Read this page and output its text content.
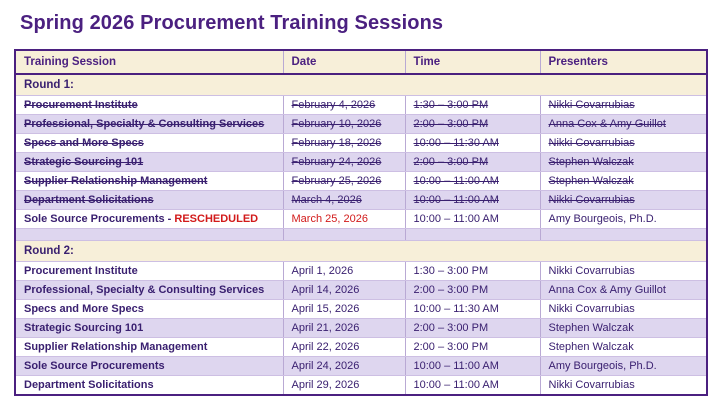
Spring 2026 Procurement Training Sessions
Training Session	Date	Time	Presenters
Round 1:			
Procurement Institute	February 4, 2026	1:30 – 3:00 PM	Nikki Covarrubias
Professional, Specialty & Consulting Services	February 10, 2026	2:00 – 3:00 PM	Anna Cox & Amy Guillot
Specs and More Specs	February 18, 2026	10:00 – 11:30 AM	Nikki Covarrubias
Strategic Sourcing 101	February 24, 2026	2:00 – 3:00 PM	Stephen Walczak
Supplier Relationship Management	February 25, 2026	10:00 – 11:00 AM	Stephen Walczak
Department Solicitations	March 4, 2026	10:00 – 11:00 AM	Nikki Covarrubias
Sole Source Procurements - RESCHEDULED	March 25, 2026	10:00 – 11:00 AM	Amy Bourgeois, Ph.D.

Round 2:			
Procurement Institute	April 1, 2026	1:30 – 3:00 PM	Nikki Covarrubias
Professional, Specialty & Consulting Services	April 14, 2026	2:00 – 3:00 PM	Anna Cox & Amy Guillot
Specs and More Specs	April 15, 2026	10:00 – 11:30 AM	Nikki Covarrubias
Strategic Sourcing 101	April 21, 2026	2:00 – 3:00 PM	Stephen Walczak
Supplier Relationship Management	April 22, 2026	2:00 – 3:00 PM	Stephen Walczak
Sole Source Procurements	April 24, 2026	10:00 – 11:00 AM	Amy Bourgeois, Ph.D.
Department Solicitations	April 29, 2026	10:00 – 11:00 AM	Nikki Covarrubias
